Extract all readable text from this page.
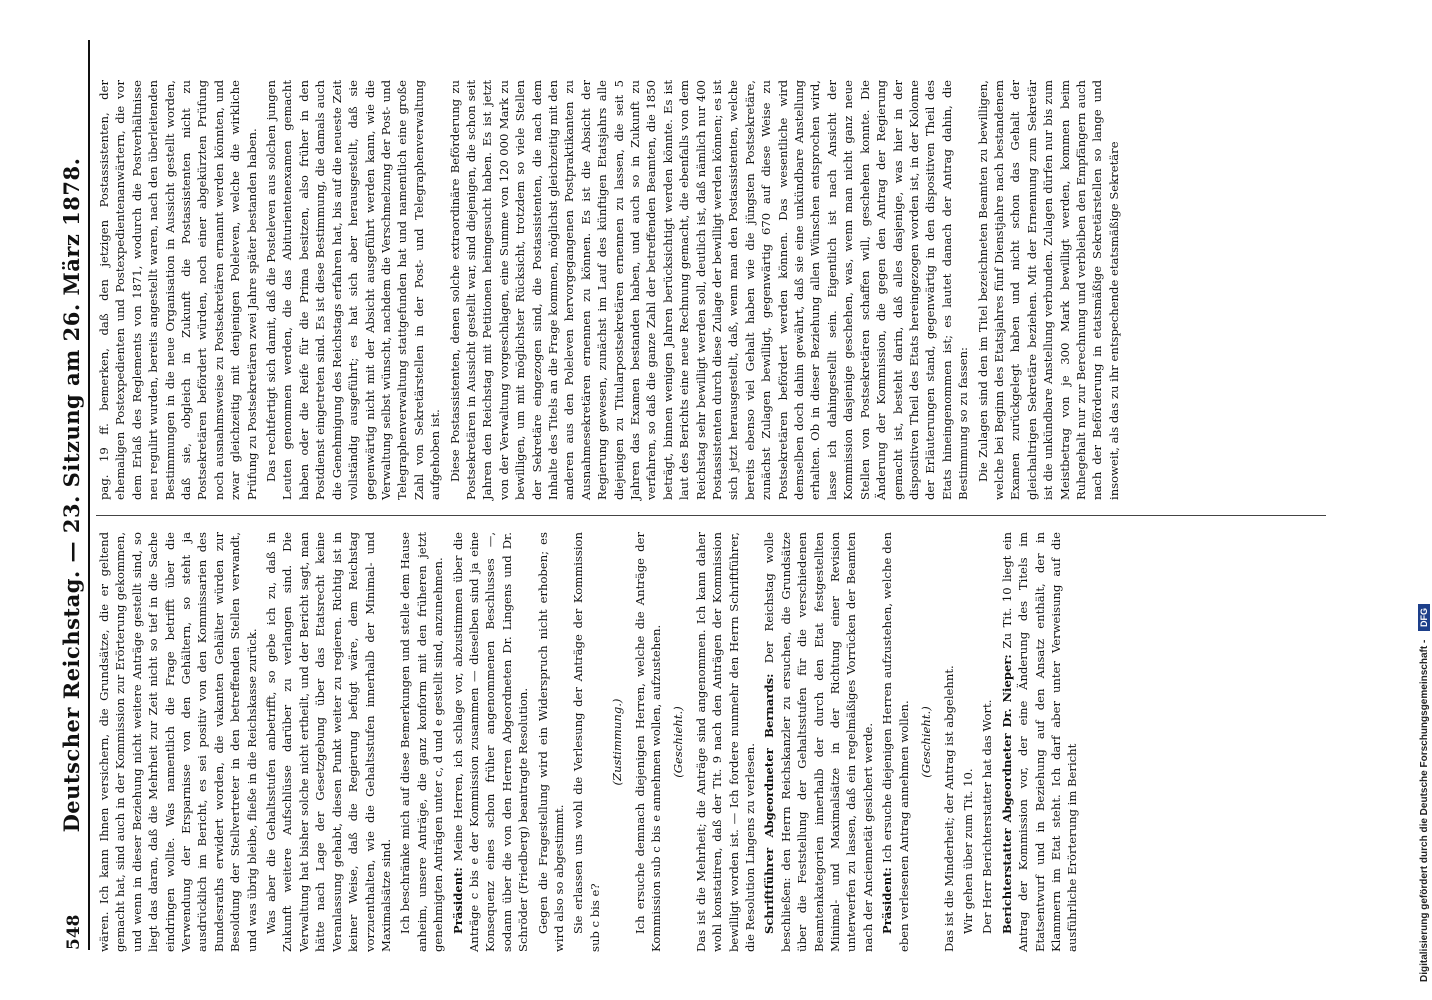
548
Deutscher Reichstag. — 23. Sitzung am 26. März 1878. wären. Ich kann Ihnen versichern, die Grundsätze, die er geltend gemacht hat, sind auch in der Kommission zur Erörterung gekommen, und wenn in dieser Beziehung nicht weitere Anträge gestellt sind, so liegt das daran, daß die Mehrheit zur Zeit nicht so tief in die Sache eindringen wollte. Was namentlich die Frage betrifft über die Verwendung der Ersparnisse von den Gehältern, so steht ja ausdrücklich im Bericht, es sei positiv von den Kommissarien des Bundesraths erwidert worden, die vakanten Gehälter würden zur Besoldung der Stellvertreter in den betreffenden Stellen verwandt, und was übrig bleibe, fließe in die Reichskasse zurück. Was aber die Gehaltsstufen anbetrifft, so gebe ich zu, daß in Zukunft weitere Aufschlüsse darüber zu verlangen sind. Die Verwaltung hat bisher solche nicht ertheilt, und der Bericht sagt, man hätte nach Lage der Gesetzgebung über das Etatsrecht keine Veranlassung gehabt, diesen Punkt weiter zu regieren. Richtig ist in keiner Weise, daß die Regierung befugt wäre, dem Reichstag vorzuenthalten, wie die Gehaltsstufen innerhalb der Minimal- und Maximalsätze sind. Ich beschränke mich auf diese Bemerkungen und stelle dem Hause anheim, unsere Anträge, die ganz konform mit den früheren jetzt genehmigten Anträgen unter c, d und e gestellt sind, anzunehmen. Präsident: Meine Herren, ich schlage vor, abzustimmen über die Anträge c bis e der Kommission zusammen — dieselben sind ja eine Konsequenz eines schon früher angenommenen Beschlusses —, sodann über die von den Herren Abgeordneten Dr. Lingens und Dr. Schröder (Friedberg) beantragte Resolution. Gegen die Fragestellung wird ein Widerspruch nicht erhoben; es wird also so abgestimmt. Sie erlassen uns wohl die Verlesung der Anträge der Kommission sub c bis e?

(Zustimmung.) Ich ersuche demnach diejenigen Herren, welche die Anträge der Kommission sub c bis e annehmen wollen, aufzustehen. (Geschieht.) Das ist die Mehrheit; die Anträge sind angenommen. Ich kann daher wohl konstatiren, daß der Tit. 9 nach den Anträgen der Kommission bewilligt worden ist. — Ich fordere nunmehr den Herrn Schriftführer, die Resolution Lingens zu verlesen. Schriftführer Abgeordneter Bernards: Der Reichstag wolle beschließen: den Herrn Reichskanzler zu ersuchen, die Grundsätze über die Feststellung der Gehaltsstufen für die verschiedenen Beamtenkategorien innerhalb der durch den Etat festgestellten Minimal- und Maximalsätze in der Richtung einer Revision unterwerfen zu lassen, daß ein regelmäßiges Vorrücken der Beamten nach der Anciennetät gesichert werde. Präsident: Ich ersuche diejenigen Herren aufzustehen, welche den eben verlesenen Antrag annehmen wollen. (Geschieht.) Das ist die Minderheit; der Antrag ist abgelehnt. Wir gehen über zum Tit. 10. Der Herr Berichterstatter hat das Wort. Berichterstatter Abgeordneter Dr. Nieper: Zu Tit. 10 liegt ein Antrag der Kommission vor, der eine Änderung des Titels im Etatsentwurf und in Beziehung auf den Ansatz enthält, der in Klammern im Etat steht. Ich darf aber unter Verweisung auf die ausführliche Erörterung im Bericht

pag. 19 ff. bemerken, daß den jetzigen Postassistenten, der ehemaligen Postexpedienten und Postexpedientenanwärtern, die vor dem Erlaß des Reglements von 1871, wodurch die Postverhältnisse neu regulirt wurden, bereits angestellt waren, nach den überleitenden Bestimmungen in die neue Organisation in Aussicht gestellt worden, daß sie, obgleich in Zukunft die Postassistenten nicht zu Postsekretären befördert würden, noch einer abgekürzten Prüfung noch ausnahmsweise zu Postsekretären ernannt werden könnten, und zwar gleichzeitig mit denjenigen Poleleven, welche die wirkliche Prüfung zu Postsekretären zwei Jahre später bestanden haben. Das rechtfertigt sich damit, daß die Posteleven aus solchen jungen Leuten genommen werden, die das Abiturientenexamen gemacht haben oder die Reife für die Prima besitzen, also früher in den Postdienst eingetreten sind. Es ist diese Bestimmung, die damals auch die Genehmigung des Reichstags erfahren hat, bis auf die neueste Zeit vollständig ausgeführt; es hat sich aber herausgestellt, daß sie gegenwärtig nicht mit der Absicht ausgeführt werden kann, wie die Verwaltung selbst wünscht, nachdem die Verschmelzung der Post- und Telegraphenverwaltung stattgefunden hat und namentlich eine große Zahl von Sekretärstellen in der Post- und Telegraphenverwaltung aufgehoben ist. Diese Postassistenten, denen solche extraordinäre Beförderung zu Postsekretären in Aussicht gestellt war, sind diejenigen, die schon seit Jahren den Reichstag mit Petitionen heimgesucht haben. Es ist jetzt von der Verwaltung vorgeschlagen, eine Summe von 120 000 Mark zu bewilligen, um mit möglichster Rücksicht, trotzdem so viele Stellen der Sekretäre eingezogen sind, die Postassistenten, die nach dem Inhalte des Titels an die Frage kommen, möglichst gleichzeitig mit den anderen aus den Poleleven hervorgegangenen Postpraktikanten zu Ausnahmesekretären ernennen zu können. Es ist die Absicht der Regierung gewesen, zunächst im Lauf des künftigen Etatsjahrs alle diejenigen zu Titularpostsekretären ernennen zu lassen, die seit 5 Jahren das Examen bestanden haben, und auch so in Zukunft zu verfahren, so daß die ganze Zahl der betreffenden Beamten, die 1850 beträgt, binnen wenigen Jahren berücksichtigt werden könnte. Es ist laut des Berichts eine neue Rechnung gemacht, die ebenfalls von dem Reichstag sehr bewilligt werden soll, deutlich ist, daß nämlich nur 400 Postassistenten durch diese Zulage der bewilligt werden können; es ist sich jetzt herausgestellt, daß, wenn man den Postassistenten, welche bereits ebenso viel Gehalt haben wie die jüngsten Postsekretäre, zunächst Zulagen bewilligt, gegenwärtig 670 auf diese Weise zu Postsekretären befördert werden können. Das wesentliche wird demselben doch dahin gewährt, daß sie eine unkündbare Anstellung erhalten. Ob in dieser Beziehung allen Wünschen entsprochen wird, lasse ich dahingestellt sein. Eigentlich ist nach Ansicht der Kommission dasjenige geschehen, was, wenn man nicht ganz neue Stellen von Postsekretären schaffen will, geschehen konnte. Die Änderung der Kommission, die gegen den Antrag der Regierung gemacht ist, besteht darin, daß alles dasjenige, was hier in der dispositiven Theil des Etats hereingezogen worden ist, in der Kolonne der Erläuterungen stand, gegenwärtig in den dispositiven Theil des Etats hineingenommen ist; es lautet danach der Antrag dahin, die Bestimmung so zu fassen: Die Zulagen sind den im Titel bezeichneten Beamten zu bewilligen, welche bei Beginn des Etatsjahres fünf Dienstjahre nach bestandenem Examen zurückgelegt haben und nicht schon das Gehalt der gleichaltrigen Sekretäre beziehen. Mit der Ernennung zum Sekretär ist die unkündbare Anstellung verbunden. Zulagen dürfen nur bis zum Meistbetrag von je 300 Mark bewilligt werden, kommen beim Ruhegehalt nur zur Berechnung und verbleiben den Empfängern auch nach der Beförderung in etatsmäßige Sekretärstellen so lange und insoweit, als das zu ihr entspechende etatsmäßige Sekretäre

Digitalisierung gefördert durch die Deutsche Forschungsgemeinschaft - DFG
